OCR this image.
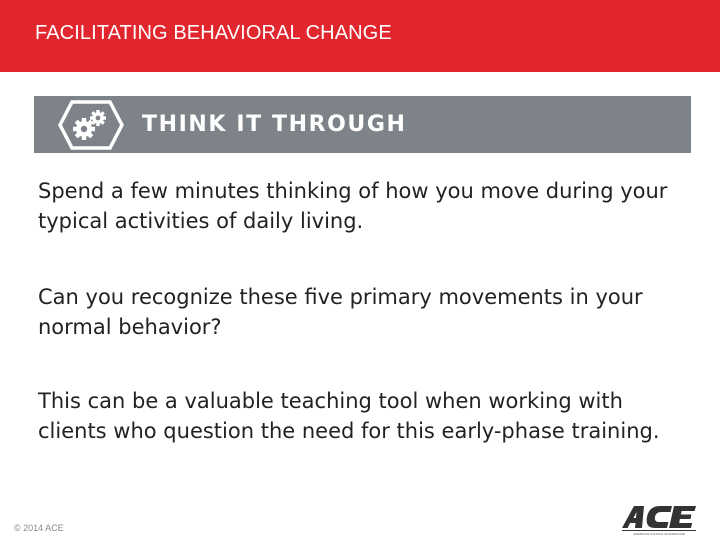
FACILITATING BEHAVIORAL CHANGE
THINK IT THROUGH
Spend a few minutes thinking of how you move during your typical activities of daily living.
Can you recognize these five primary movements in your normal behavior?
This can be a valuable teaching tool when working with clients who question the need for this early-phase training.
© 2014 ACE
AMERICAN COUNCIL ON EXERCISE
